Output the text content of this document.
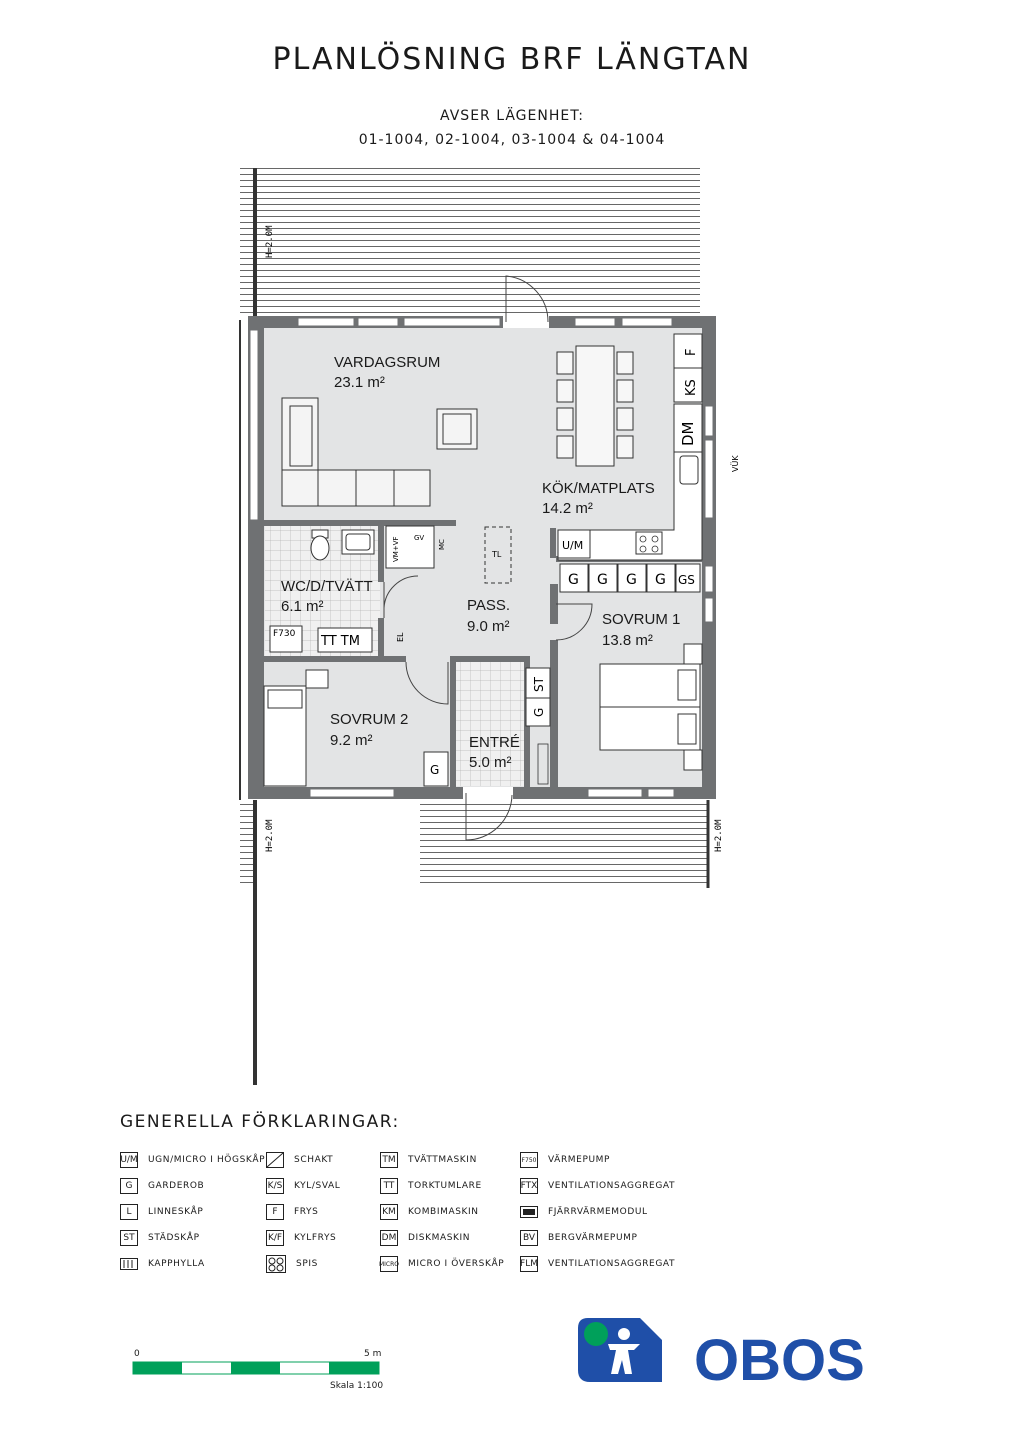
PLANLÖSNING BRF LÄNGTAN
AVSER LÄGENHET:
01-1004, 02-1004, 03-1004 & 04-1004
H=2.0M
H=2.0M	H=2.0M
F
KS
DM
VÜK
U/M
G G G G GS
G
ST
G
F730 TT TM
VM+VF GV
MC
EL
TL
VARDAGSRUM
23.1 m²
KÖK/MATPLATS
14.2 m²
WC/D/TVÄTT
6.1 m²	PASS.
9.0 m²	SOVRUM 1
13.8 m²
SOVRUM 2
9.2 m²	ENTRÉ
5.0 m²
GENERELLA FÖRKLARINGAR:
U/M UGN/MICRO I HÖGSKÅP
G	GARDEROB
L	LINNESKÅP
ST	STÄDSKÅP
KAPPHYLLA
SCHAKT
K/S KYL/SVAL
F	FRYS
K/F KYLFRYS
SPIS
TM TVÄTTMASKIN
TT	TORKTUMLARE
KM KOMBIMASKIN
DM DISKMASKIN
MICRO MICRO I ÖVERSKÅP
F750 VÄRMEPUMP
FTX VENTILATIONSAGGREGAT
FJÄRRVÄRMEMODUL
BV	BERGVÄRMEPUMP
FLM VENTILATIONSAGGREGAT
0	5 m
Skala 1:100	OBOS
